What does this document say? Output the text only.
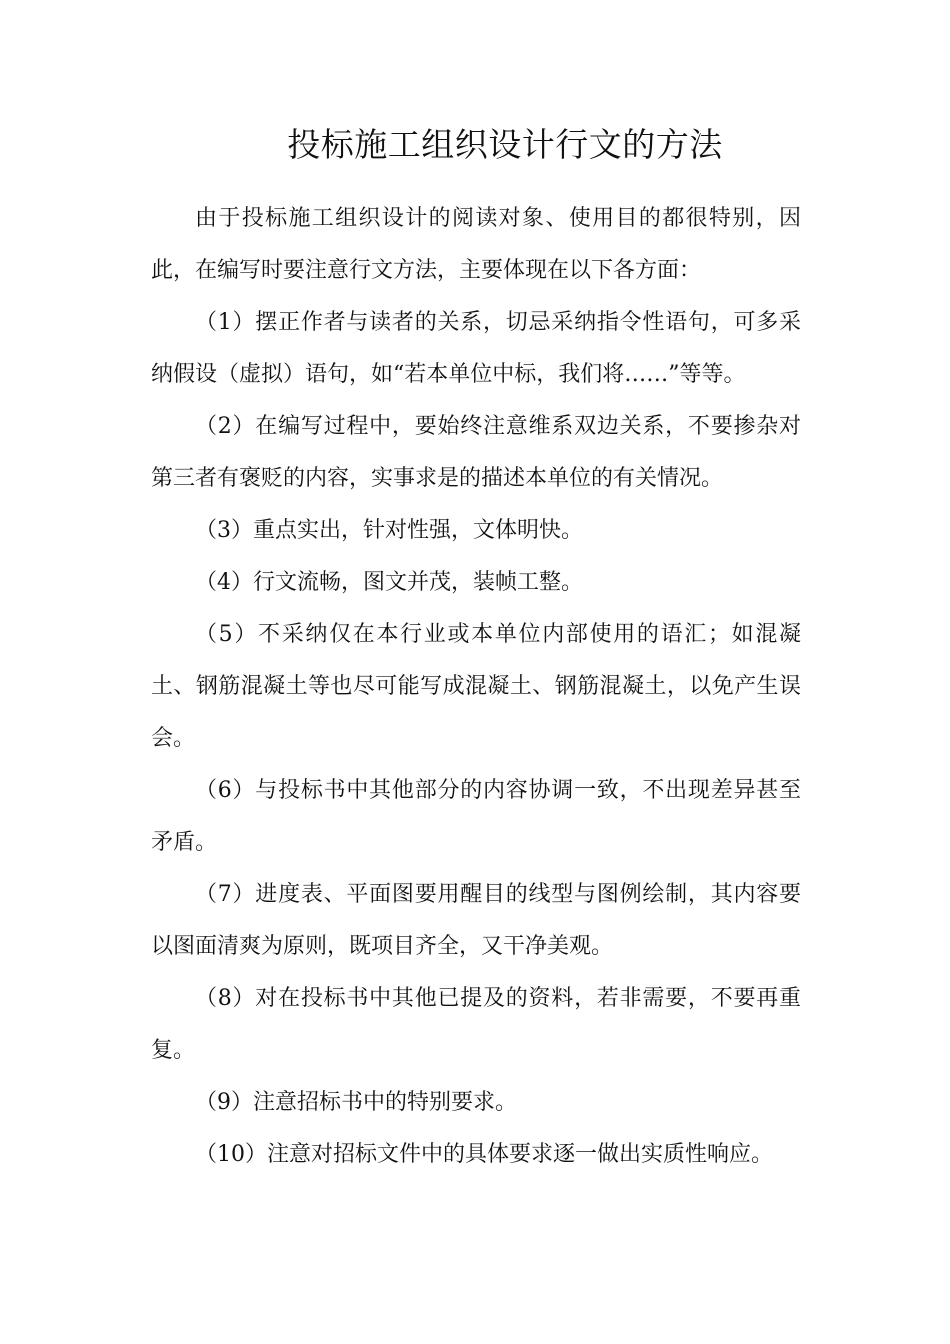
投标施工组织设计行文的方法

由于投标施工组织设计的阅读对象、使用目的都很特别，因此，在编写时要注意行文方法，主要体现在以下各方面：

（1）摆正作者与读者的关系，切忌采纳指令性语句，可多采纳假设（虚拟）语句，如“若本单位中标，我们将……”等等。

（2）在编写过程中，要始终注意维系双边关系，不要掺杂对第三者有褒贬的内容，实事求是的描述本单位的有关情况。

（3）重点实出，针对性强，文体明快。

（4）行文流畅，图文并茂，装帧工整。

（5）不采纳仅在本行业或本单位内部使用的语汇；如混凝土、钢筋混凝土等也尽可能写成混凝土、钢筋混凝土，以免产生误会。

（6）与投标书中其他部分的内容协调一致，不出现差异甚至矛盾。

（7）进度表、平面图要用醒目的线型与图例绘制，其内容要以图面清爽为原则，既项目齐全，又干净美观。

（8）对在投标书中其他已提及的资料，若非需要，不要再重复。

（9）注意招标书中的特别要求。

（10）注意对招标文件中的具体要求逐一做出实质性响应。
